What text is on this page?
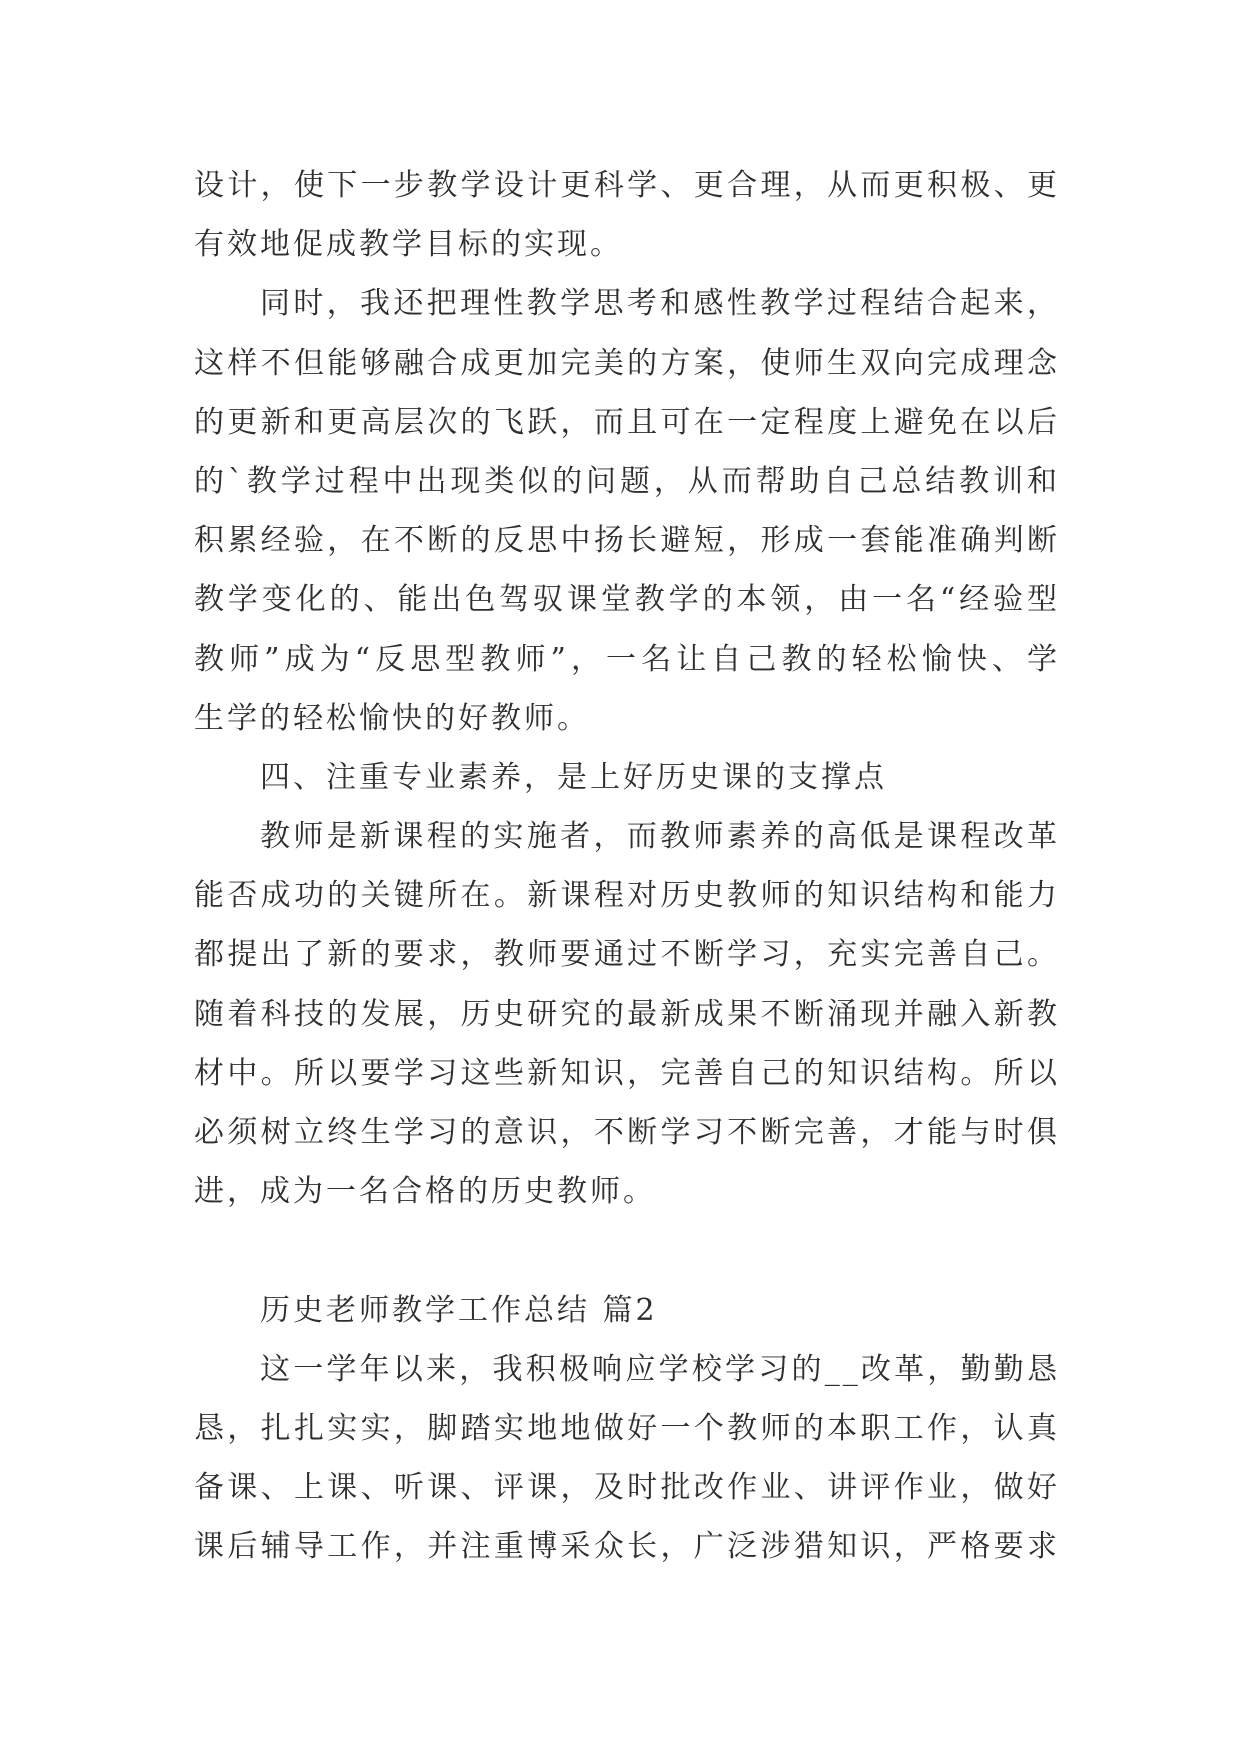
设计，使下一步教学设计更科学、更合理，从而更积极、更
有效地促成教学目标的实现。
同时，我还把理性教学思考和感性教学过程结合起来，
这样不但能够融合成更加完美的方案，使师生双向完成理念
的更新和更高层次的飞跃，而且可在一定程度上避免在以后
的`教学过程中出现类似的问题，从而帮助自己总结教训和
积累经验，在不断的反思中扬长避短，形成一套能准确判断
教学变化的、能出色驾驭课堂教学的本领，由一名“经验型
教师”成为“反思型教师”，一名让自己教的轻松愉快、学
生学的轻松愉快的好教师。
四、注重专业素养，是上好历史课的支撑点
教师是新课程的实施者，而教师素养的高低是课程改革
能否成功的关键所在。新课程对历史教师的知识结构和能力
都提出了新的要求，教师要通过不断学习，充实完善自己。
随着科技的发展，历史研究的最新成果不断涌现并融入新教
材中。所以要学习这些新知识，完善自己的知识结构。所以
必须树立终生学习的意识，不断学习不断完善，才能与时俱
进，成为一名合格的历史教师。
历史老师教学工作总结 篇2
这一学年以来，我积极响应学校学习的__改革，勤勤恳
恳，扎扎实实，脚踏实地地做好一个教师的本职工作，认真
备课、上课、听课、评课，及时批改作业、讲评作业，做好
课后辅导工作，并注重博采众长，广泛涉猎知识，严格要求
